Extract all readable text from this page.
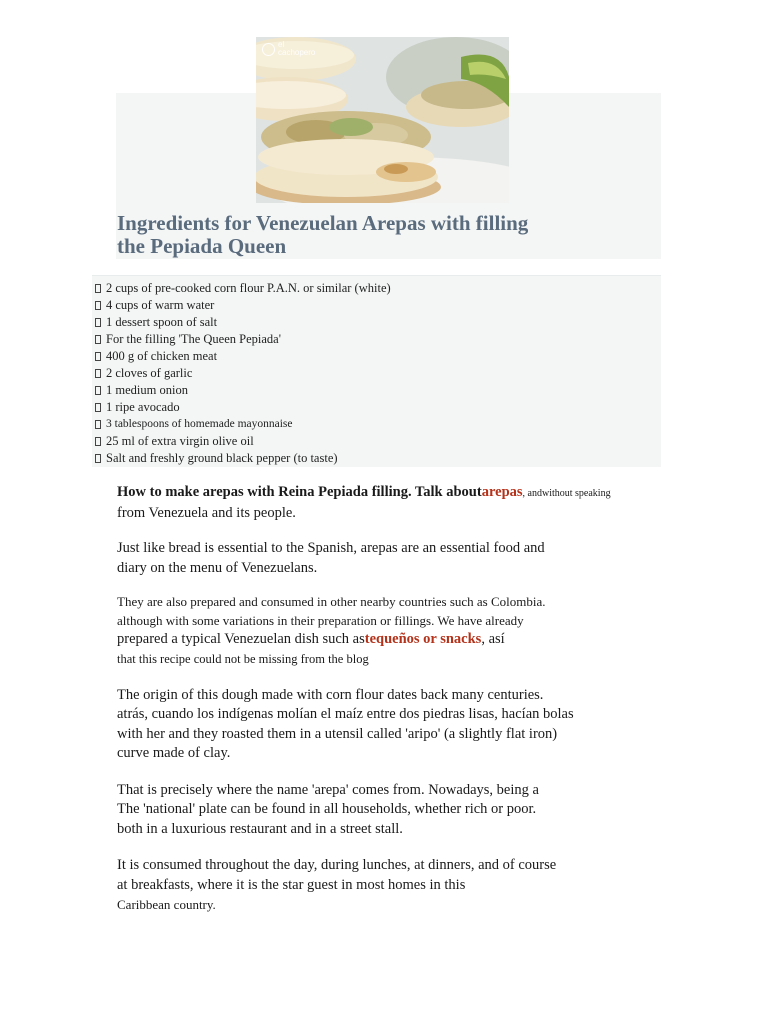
el
cachopero
Ingredients for Venezuelan Arepas with filling
the Pepiada Queen
2 cups of pre-cooked corn flour P.A.N. or similar (white)
4 cups of warm water
1 dessert spoon of salt
For the filling 'The Queen Pepiada'
400 g of chicken meat
2 cloves of garlic
1 medium onion
1 ripe avocado
3 tablespoons of homemade mayonnaise
25 ml of extra virgin olive oil
Salt and freshly ground black pepper (to taste)

How to make arepas with Reina Pepiada filling. Talk aboutarepas, andwithout speaking
from Venezuela and its people.

Just like bread is essential to the Spanish, arepas are an essential food and
diary on the menu of Venezuelans.

They are also prepared and consumed in other nearby countries such as Colombia.
although with some variations in their preparation or fillings. We have already
prepared a typical Venezuelan dish such astequeños or snacks, así
that this recipe could not be missing from the blog

The origin of this dough made with corn flour dates back many centuries.
atrás, cuando los indígenas molían el maíz entre dos piedras lisas, hacían bolas
with her and they roasted them in a utensil called 'aripo' (a slightly flat iron)
curve made of clay.

That is precisely where the name 'arepa' comes from. Nowadays, being a
The 'national' plate can be found in all households, whether rich or poor.
both in a luxurious restaurant and in a street stall.

It is consumed throughout the day, during lunches, at dinners, and of course
at breakfasts, where it is the star guest in most homes in this
Caribbean country.
